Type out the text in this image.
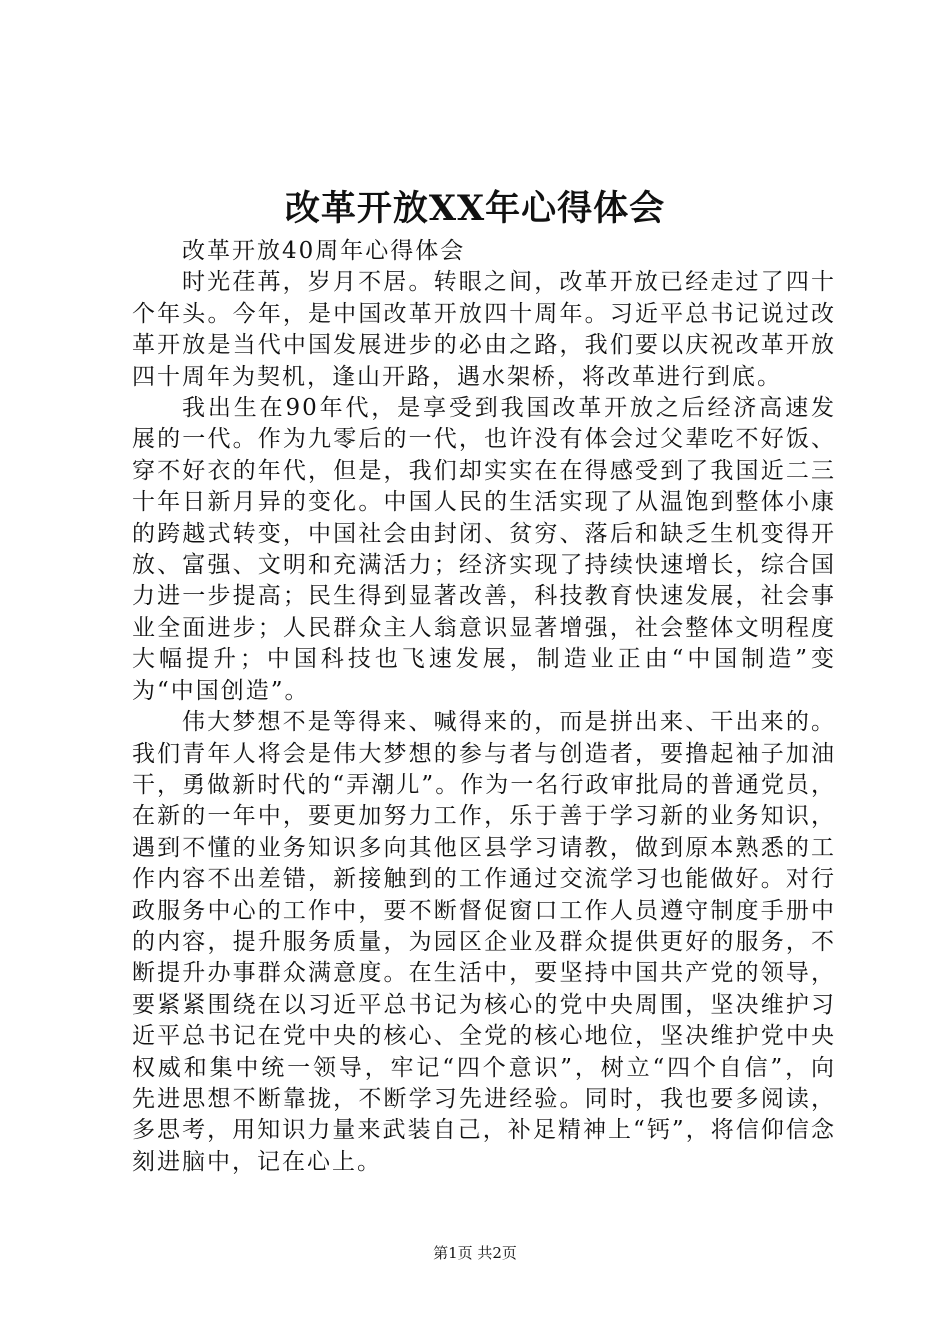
改革开放XX年心得体会

改革开放40周年心得体会

时光荏苒，岁月不居。转眼之间，改革开放已经走过了四十个年头。今年，是中国改革开放四十周年。习近平总书记说过改革开放是当代中国发展进步的必由之路，我们要以庆祝改革开放四十周年为契机，逢山开路，遇水架桥，将改革进行到底。

我出生在90年代，是享受到我国改革开放之后经济高速发展的一代。作为九零后的一代，也许没有体会过父辈吃不好饭、穿不好衣的年代，但是，我们却实实在在得感受到了我国近二三十年日新月异的变化。中国人民的生活实现了从温饱到整体小康的跨越式转变，中国社会由封闭、贫穷、落后和缺乏生机变得开放、富强、文明和充满活力；经济实现了持续快速增长，综合国力进一步提高；民生得到显著改善，科技教育快速发展，社会事业全面进步；人民群众主人翁意识显著增强，社会整体文明程度大幅提升；中国科技也飞速发展，制造业正由“中国制造”变为“中国创造”。

伟大梦想不是等得来、喊得来的，而是拼出来、干出来的。我们青年人将会是伟大梦想的参与者与创造者，要撸起袖子加油干，勇做新时代的“弄潮儿”。作为一名行政审批局的普通党员，在新的一年中，要更加努力工作，乐于善于学习新的业务知识，遇到不懂的业务知识多向其他区县学习请教，做到原本熟悉的工作内容不出差错，新接触到的工作通过交流学习也能做好。对行政服务中心的工作中，要不断督促窗口工作人员遵守制度手册中的内容，提升服务质量，为园区企业及群众提供更好的服务，不断提升办事群众满意度。在生活中，要坚持中国共产党的领导，要紧紧围绕在以习近平总书记为核心的党中央周围，坚决维护习近平总书记在党中央的核心、全党的核心地位，坚决维护党中央权威和集中统一领导，牢记“四个意识”，树立“四个自信”，向先进思想不断靠拢，不断学习先进经验。同时，我也要多阅读，多思考，用知识力量来武装自己，补足精神上“钙”，将信仰信念刻进脑中，记在心上。

第1页 共2页
